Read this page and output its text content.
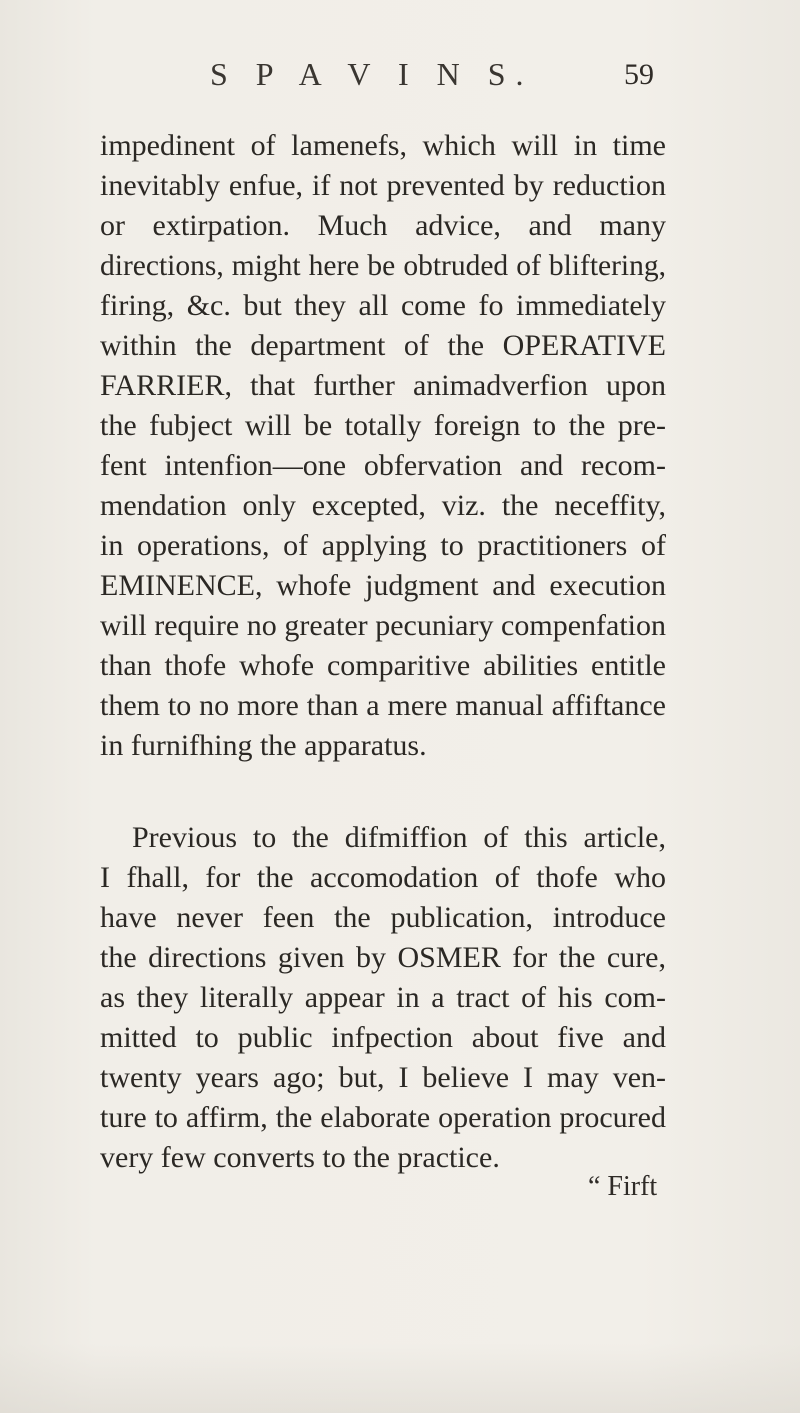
S P A V I N S.	59
impedinent of lamenefs, which will in time
inevitably enfue, if not prevented by reduction
or extirpation. Much advice, and many
directions, might here be obtruded of bliftering,
firing, &c. but they all come fo immediately
within the department of the OPERATIVE
FARRIER, that further animadverfion upon
the fubject will be totally foreign to the pre-
fent intenfion—one obfervation and recom-
mendation only excepted, viz. the neceffity,
in operations, of applying to practitioners of
EMINENCE, whofe judgment and execution
will require no greater pecuniary compenfation
than thofe whofe comparitive abilities entitle
them to no more than a mere manual affiftance
in furnifhing the apparatus.
Previous to the difmiffion of this article,
I fhall, for the accomodation of thofe who
have never feen the publication, introduce
the directions given by OSMER for the cure,
as they literally appear in a tract of his com-
mitted to public infpection about five and
twenty years ago; but, I believe I may ven-
ture to affirm, the elaborate operation procured
very few converts to the practice.
“ Firft
